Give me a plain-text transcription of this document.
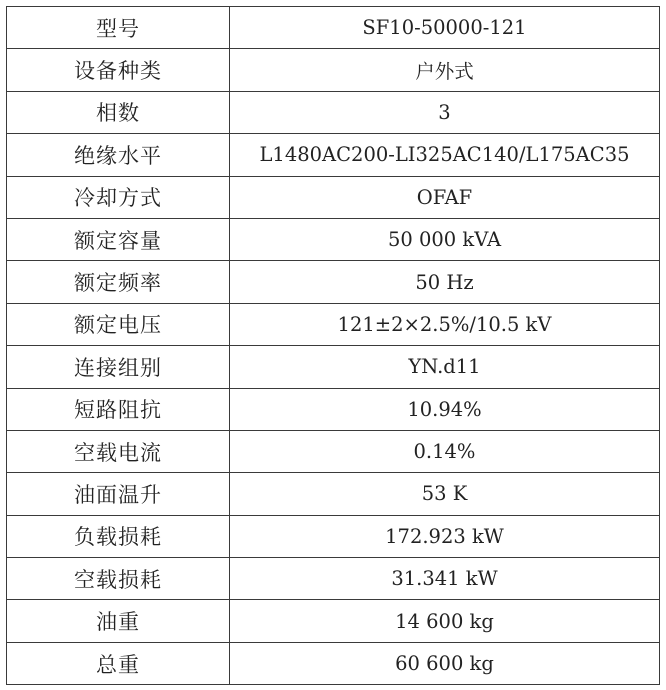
型号	SF10-50000-121
设备种类	户外式
相数	3
绝缘水平	L1480AC200-LI325AC140/L175AC35
冷却方式	OFAF
额定容量	50 000 kVA
额定频率	50 Hz
额定电压	121±2×2.5%/10.5 kV
连接组别	YN.d11
短路阻抗	10.94%
空载电流	0.14%
油面温升	53 K
负载损耗	172.923 kW
空载损耗	31.341 kW
油重	14 600 kg
总重	60 600 kg
